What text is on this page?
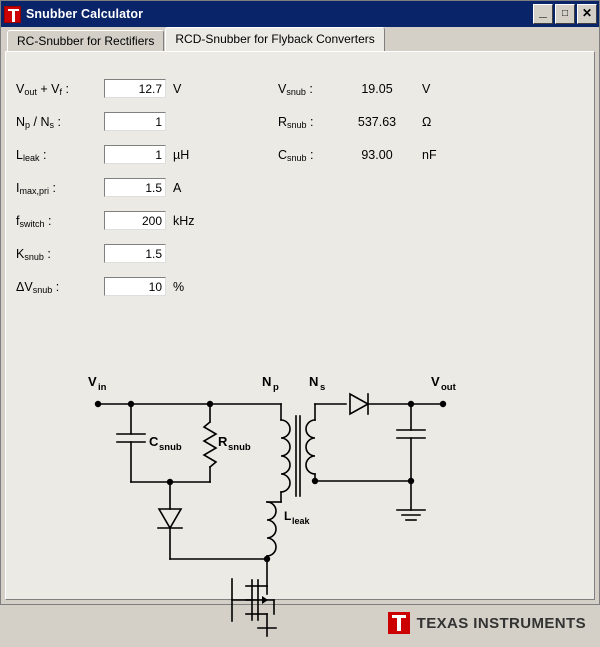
Snubber Calculator	_	□	✕
RC-Snubber for Rectifiers	RCD-Snubber for Flyback Converters
$V_{out} + V_f$ :
12.7	V
$N_p / N_s$ :
1
$L_{leak}$ :
1	µH
$I_{max,pri}$ :
1.5	A
$f_{switch}$ :
200	kHz
$K_{snub}$ :
1.5
$\Delta V_{snub}$ :
10	%
$V_{snub}$ :	19.05	V
$R_{snub}$ :	537.63	Ω
$C_{snub}$ :	93.00	nF
V in	N p N s	V out
C snub	R snub
L leak
TEXAS INSTRUMENTS
